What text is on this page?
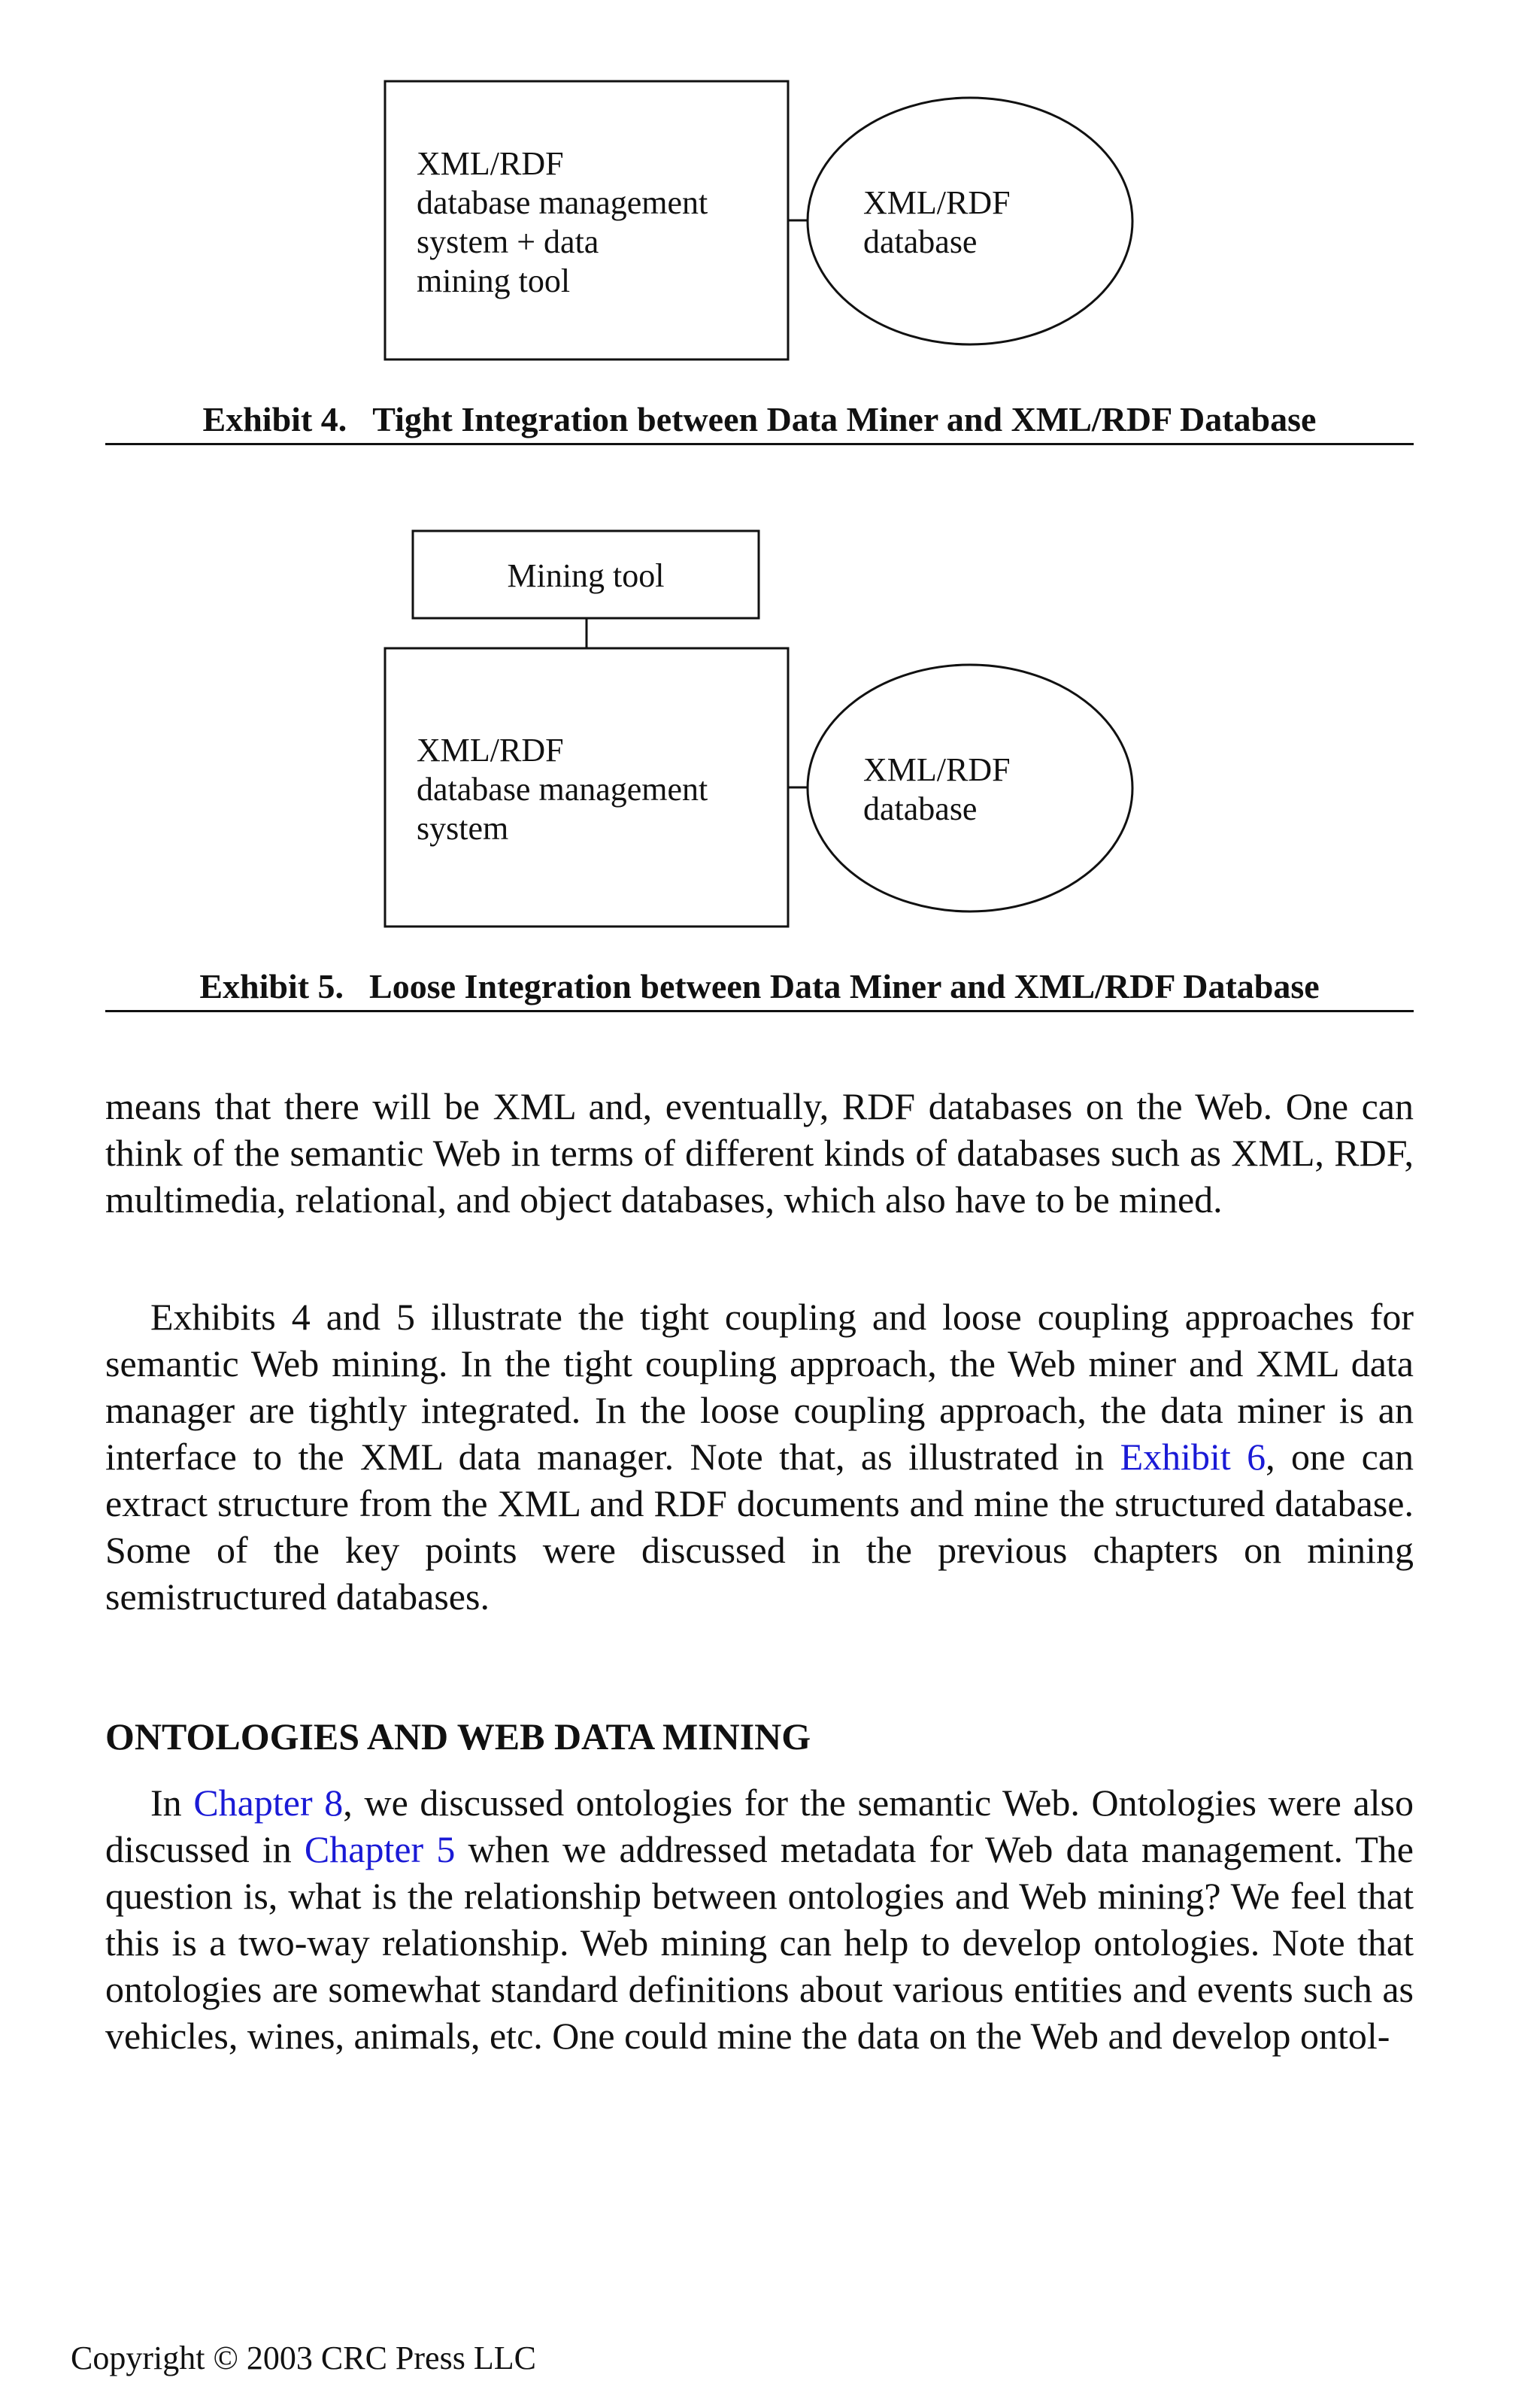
XML/RDF
database management
system + data
mining tool
XML/RDF
database
Exhibit 4. Tight Integration between Data Miner and XML/RDF Database
Mining tool
XML/RDF
database management
system
XML/RDF
database
Exhibit 5. Loose Integration between Data Miner and XML/RDF Database

means that there will be XML and, eventually, RDF databases on the Web. One can think of the semantic Web in terms of different kinds of databases such as XML, RDF, multimedia, relational, and object databases, which also have to be mined.

Exhibits 4 and 5 illustrate the tight coupling and loose coupling approaches for semantic Web mining. In the tight coupling approach, the Web miner and XML data manager are tightly integrated. In the loose coupling approach, the data miner is an interface to the XML data manager. Note that, as illustrated in Exhibit 6, one can extract structure from the XML and RDF documents and mine the structured database. Some of the key points were discussed in the previous chapters on mining semistructured databases.

ONTOLOGIES AND WEB DATA MINING

In Chapter 8, we discussed ontologies for the semantic Web. Ontologies were also discussed in Chapter 5 when we addressed metadata for Web data management. The question is, what is the relationship between ontologies and Web mining? We feel that this is a two-way relationship. Web mining can help to develop ontologies. Note that ontologies are somewhat standard definitions about various entities and events such as vehicles, wines, animals, etc. One could mine the data on the Web and develop ontol-

Copyright © 2003 CRC Press LLC
